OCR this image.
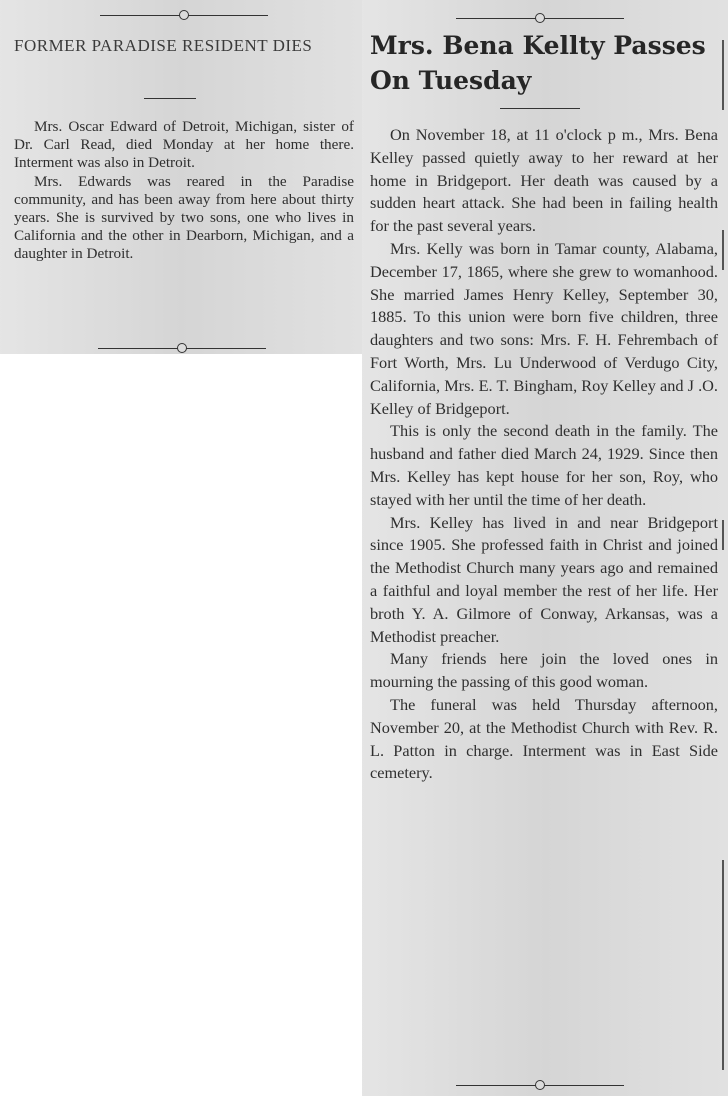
FORMER PARADISE RESIDENT DIES

Mrs. Oscar Edward of Detroit, Michigan, sister of Dr. Carl Read, died Monday at her home there. Interment was also in Detroit.

Mrs. Edwards was reared in the Paradise community, and has been away from here about thirty years. She is survived by two sons, one who lives in California and the other in Dearborn, Michigan, and a daughter in Detroit.

Mrs. Bena Kellty Passes On Tuesday

On November 18, at 11 o'clock p m., Mrs. Bena Kelley passed quietly away to her reward at her home in Bridgeport. Her death was caused by a sudden heart attack. She had been in failing health for the past several years.

Mrs. Kelly was born in Tamar county, Alabama, December 17, 1865, where she grew to womanhood. She married James Henry Kelley, September 30, 1885. To this union were born five children, three daughters and two sons: Mrs. F. H. Fehrembach of Fort Worth, Mrs. Lu Underwood of Verdugo City, California, Mrs. E. T. Bingham, Roy Kelley and J .O. Kelley of Bridgeport.

This is only the second death in the family. The husband and father died March 24, 1929. Since then Mrs. Kelley has kept house for her son, Roy, who stayed with her until the time of her death.

Mrs. Kelley has lived in and near Bridgeport since 1905. She professed faith in Christ and joined the Methodist Church many years ago and remained a faithful and loyal member the rest of her life. Her broth Y. A. Gilmore of Conway, Arkansas, was a Methodist preacher.

Many friends here join the loved ones in mourning the passing of this good woman.

The funeral was held Thursday afternoon, November 20, at the Methodist Church with Rev. R. L. Patton in charge. Interment was in East Side cemetery.
